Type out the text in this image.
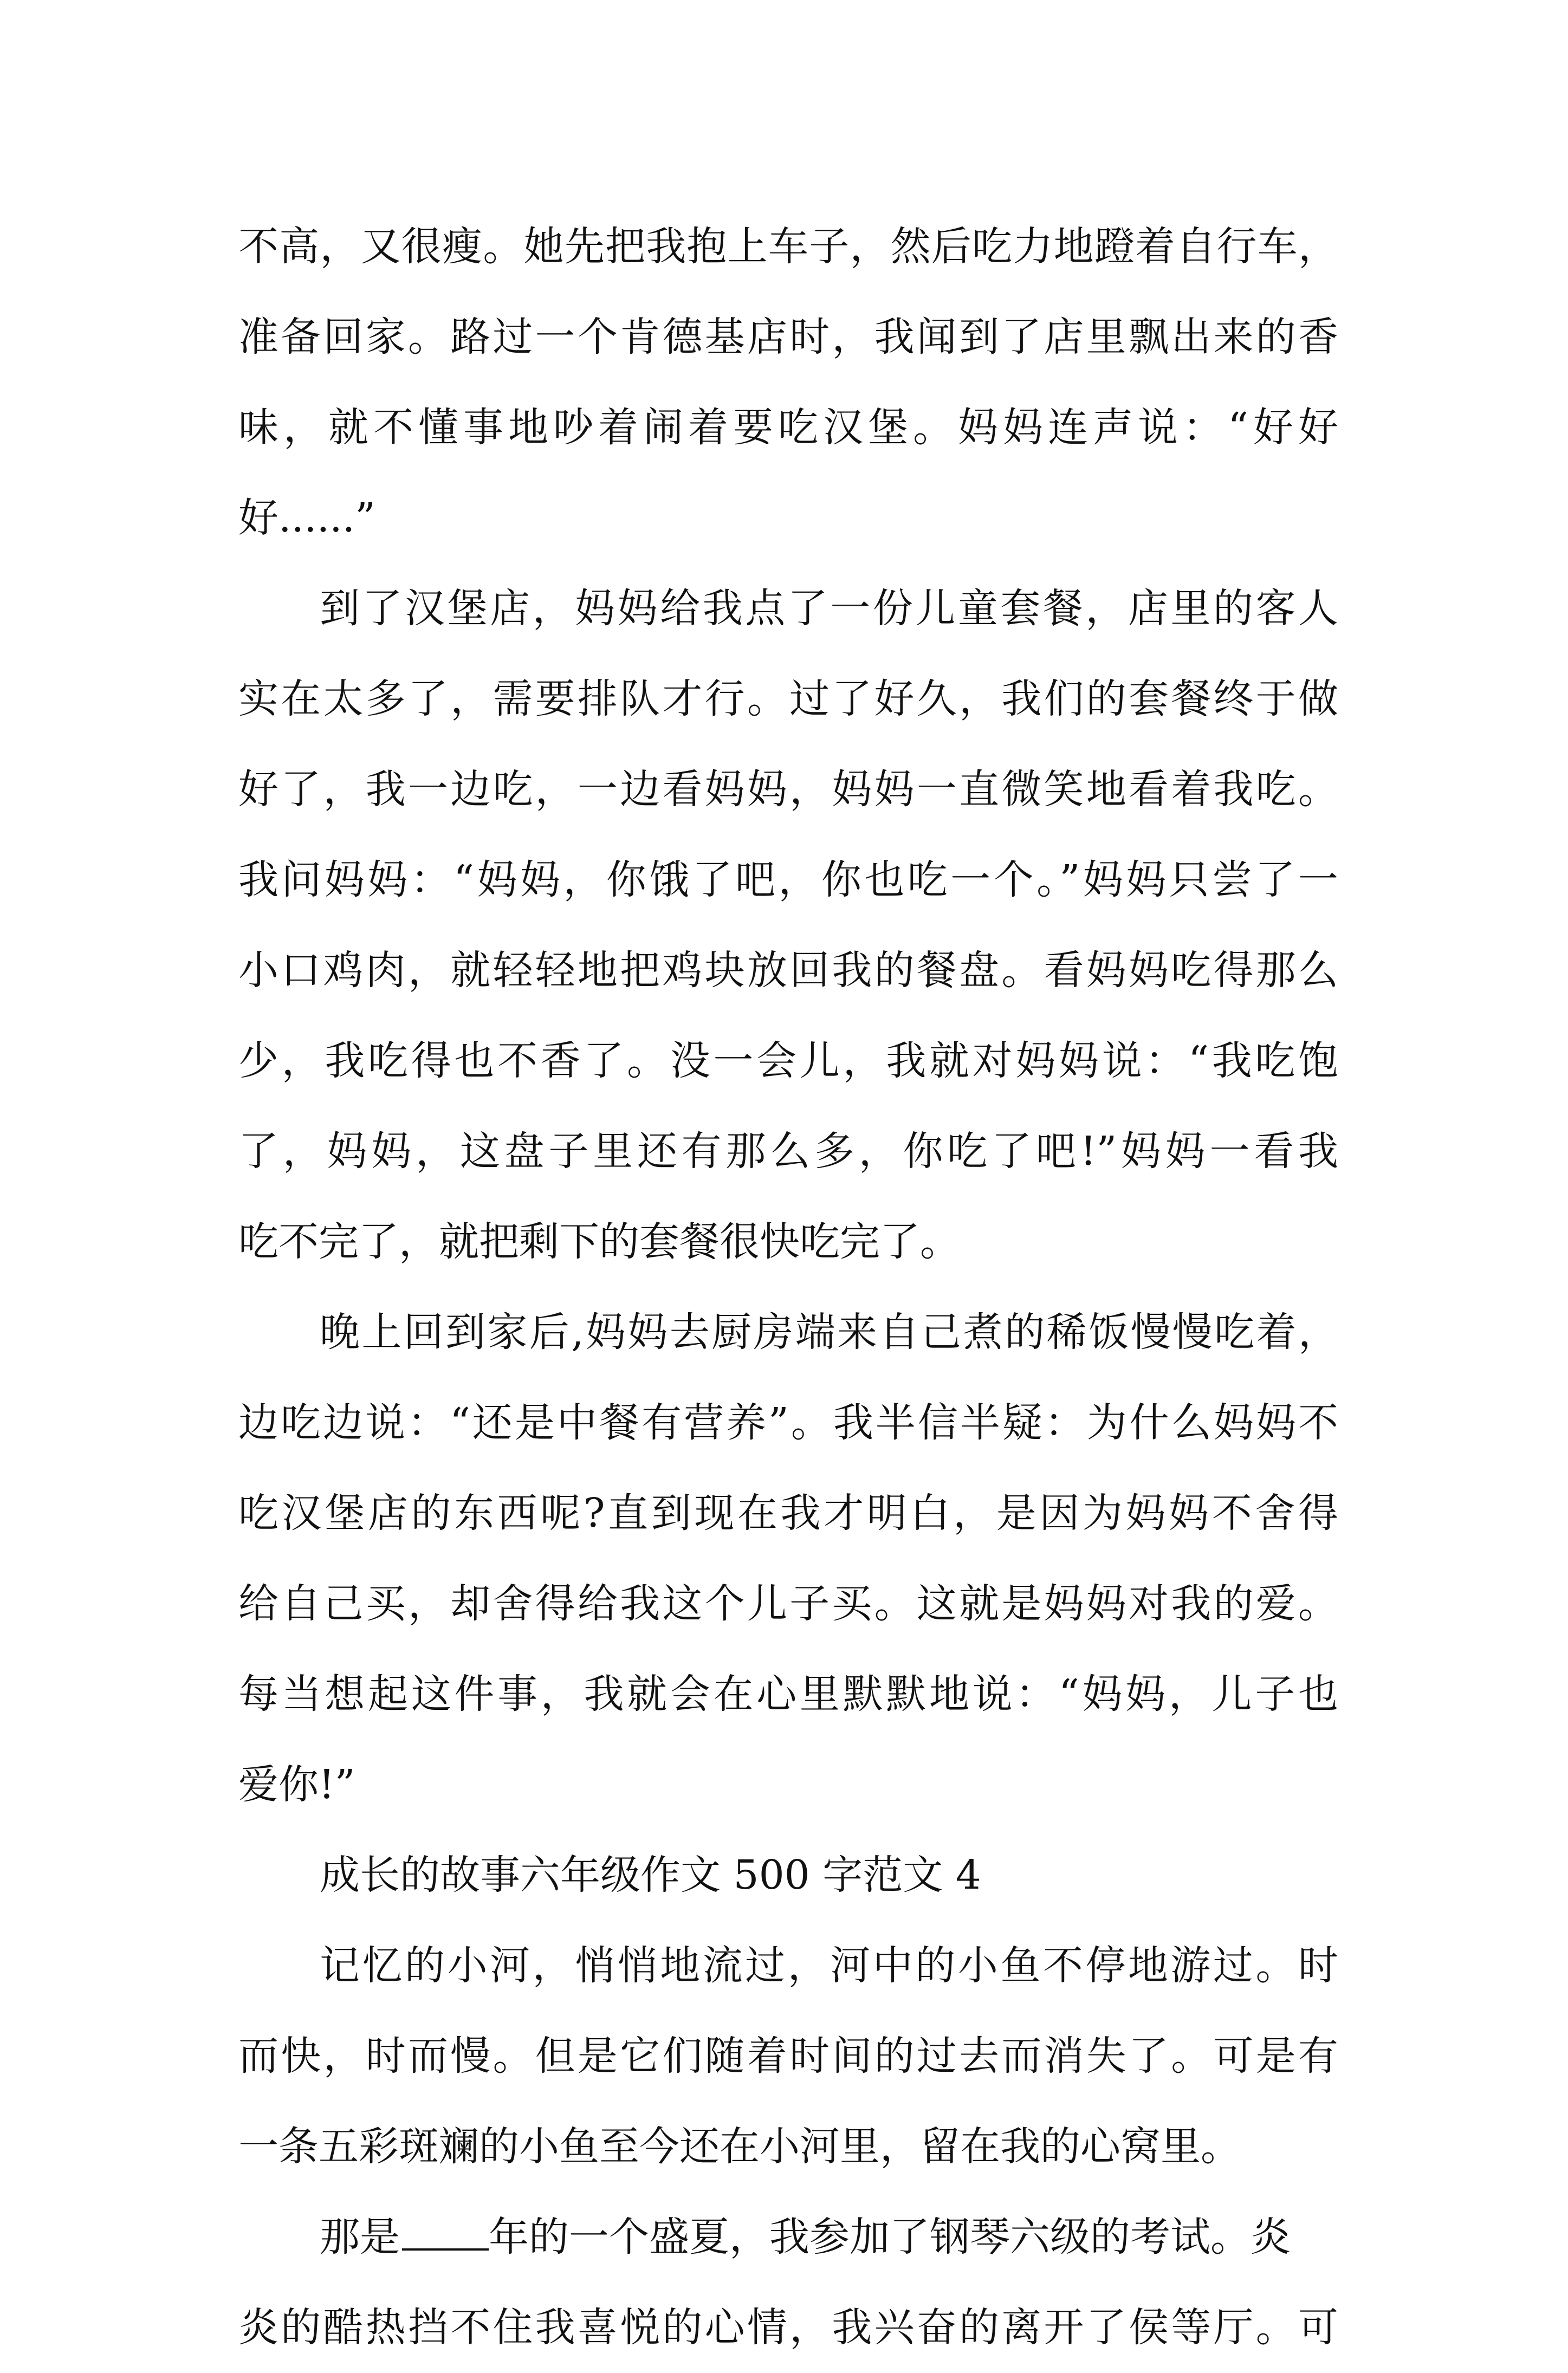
不高，又很瘦。她先把我抱上车子，然后吃力地蹬着自行车，
准备回家。路过一个肯德基店时，我闻到了店里飘出来的香
味，就不懂事地吵着闹着要吃汉堡。妈妈连声说：“好好
好......”
到了汉堡店，妈妈给我点了一份儿童套餐，店里的客人
实在太多了，需要排队才行。过了好久，我们的套餐终于做
好了，我一边吃，一边看妈妈，妈妈一直微笑地看着我吃。
我问妈妈：“妈妈，你饿了吧，你也吃一个。”妈妈只尝了一
小口鸡肉，就轻轻地把鸡块放回我的餐盘。看妈妈吃得那么
少，我吃得也不香了。没一会儿，我就对妈妈说：“我吃饱
了，妈妈，这盘子里还有那么多，你吃了吧!”妈妈一看我
吃不完了，就把剩下的套餐很快吃完了。
晚上回到家后,妈妈去厨房端来自己煮的稀饭慢慢吃着，
边吃边说：“还是中餐有营养”。我半信半疑：为什么妈妈不
吃汉堡店的东西呢?直到现在我才明白，是因为妈妈不舍得
给自己买，却舍得给我这个儿子买。这就是妈妈对我的爱。
每当想起这件事，我就会在心里默默地说：“妈妈，儿子也
爱你!”
成长的故事六年级作文 500 字范文 4
记忆的小河，悄悄地流过，河中的小鱼不停地游过。时
而快，时而慢。但是它们随着时间的过去而消失了。可是有
一条五彩斑斓的小鱼至今还在小河里，留在我的心窝里。
那是 年的一个盛夏，我参加了钢琴六级的考试。炎
炎的酷热挡不住我喜悦的心情，我兴奋的离开了侯等厅。可
